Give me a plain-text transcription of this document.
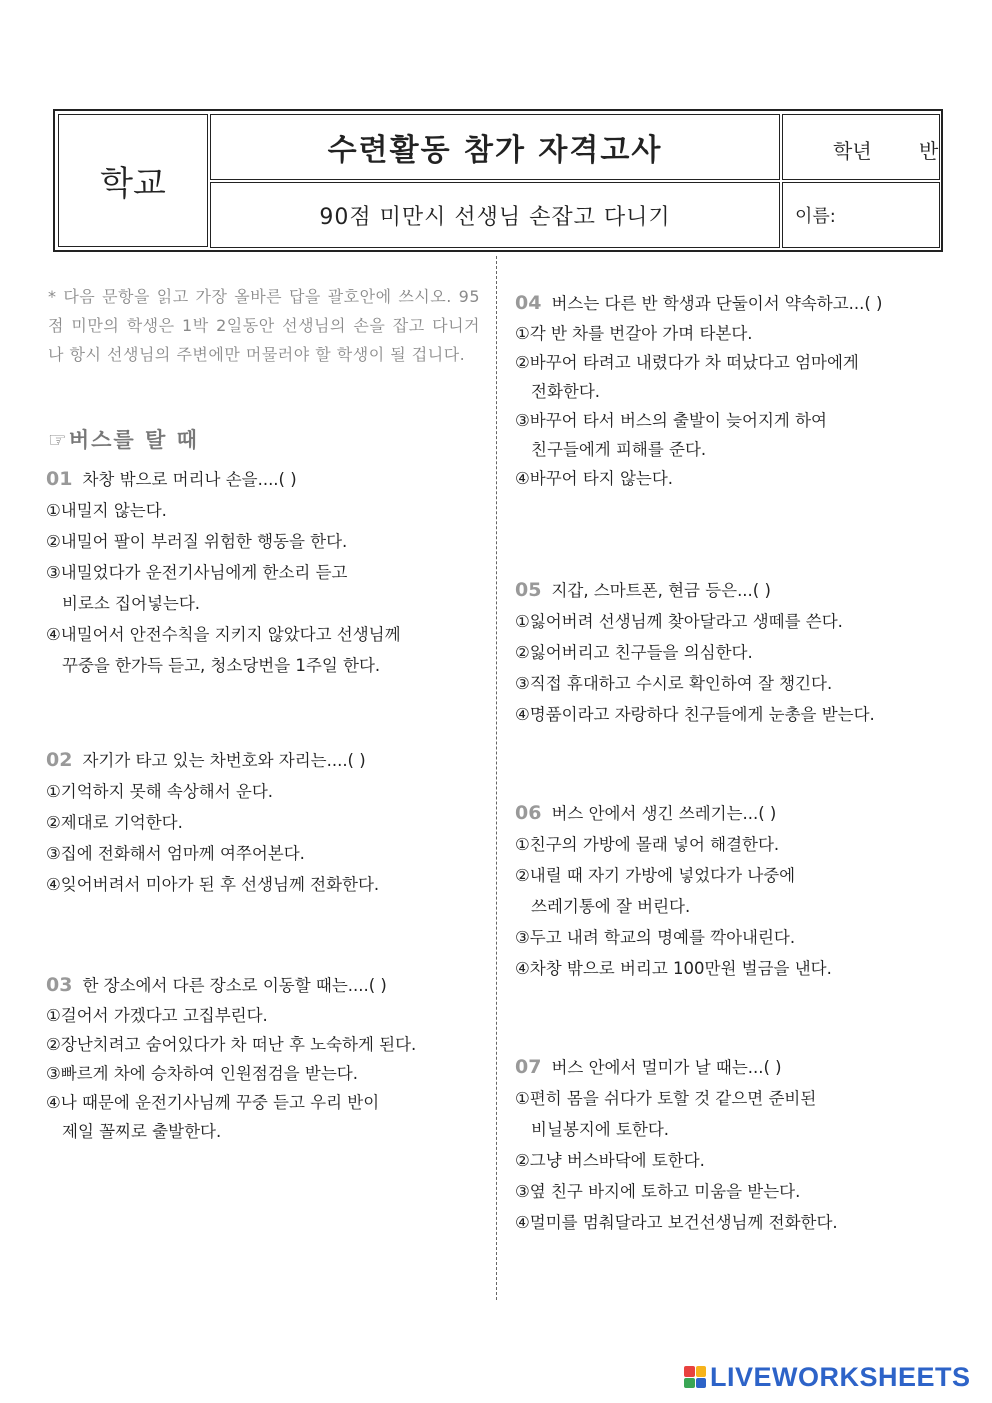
학교
수련활동 참가 자격고사
90점 미만시 선생님 손잡고 다니기
학년 반
이름:
* 다음 문항을 읽고 가장 올바른 답을 괄호안에 쓰시오. 95점 미만의 학생은 1박 2일동안 선생님의 손을 잡고 다니거나 항시 선생님의 주변에만 머물러야 할 학생이 될 겁니다.
☞버스를 탈 때
01 차창 밖으로 머리나 손을....( )
①내밀지 않는다.
②내밀어 팔이 부러질 위험한 행동을 한다.
③내밀었다가 운전기사님에게 한소리 듣고
비로소 집어넣는다.
④내밀어서 안전수칙을 지키지 않았다고 선생님께
꾸중을 한가득 듣고, 청소당번을 1주일 한다.
02 자기가 타고 있는 차번호와 자리는....( )
①기억하지 못해 속상해서 운다.
②제대로 기억한다.
③집에 전화해서 엄마께 여쭈어본다.
④잊어버려서 미아가 된 후 선생님께 전화한다.
03 한 장소에서 다른 장소로 이동할 때는....( )
①걸어서 가겠다고 고집부린다.
②장난치려고 숨어있다가 차 떠난 후 노숙하게 된다.
③빠르게 차에 승차하여 인원점검을 받는다.
④나 때문에 운전기사님께 꾸중 듣고 우리 반이
제일 꼴찌로 출발한다.
04 버스는 다른 반 학생과 단둘이서 약속하고...( )
①각 반 차를 번갈아 가며 타본다.
②바꾸어 타려고 내렸다가 차 떠났다고 엄마에게
전화한다.
③바꾸어 타서 버스의 출발이 늦어지게 하여
친구들에게 피해를 준다.
④바꾸어 타지 않는다.
05 지갑, 스마트폰, 현금 등은...( )
①잃어버려 선생님께 찾아달라고 생떼를 쓴다.
②잃어버리고 친구들을 의심한다.
③직접 휴대하고 수시로 확인하여 잘 챙긴다.
④명품이라고 자랑하다 친구들에게 눈총을 받는다.
06 버스 안에서 생긴 쓰레기는...( )
①친구의 가방에 몰래 넣어 해결한다.
②내릴 때 자기 가방에 넣었다가 나중에
쓰레기통에 잘 버린다.
③두고 내려 학교의 명예를 깍아내린다.
④차창 밖으로 버리고 100만원 벌금을 낸다.
07 버스 안에서 멀미가 날 때는...( )
①편히 몸을 쉬다가 토할 것 같으면 준비된
비닐봉지에 토한다.
②그냥 버스바닥에 토한다.
③옆 친구 바지에 토하고 미움을 받는다.
④멀미를 멈춰달라고 보건선생님께 전화한다.
LIVEWORKSHEETS
